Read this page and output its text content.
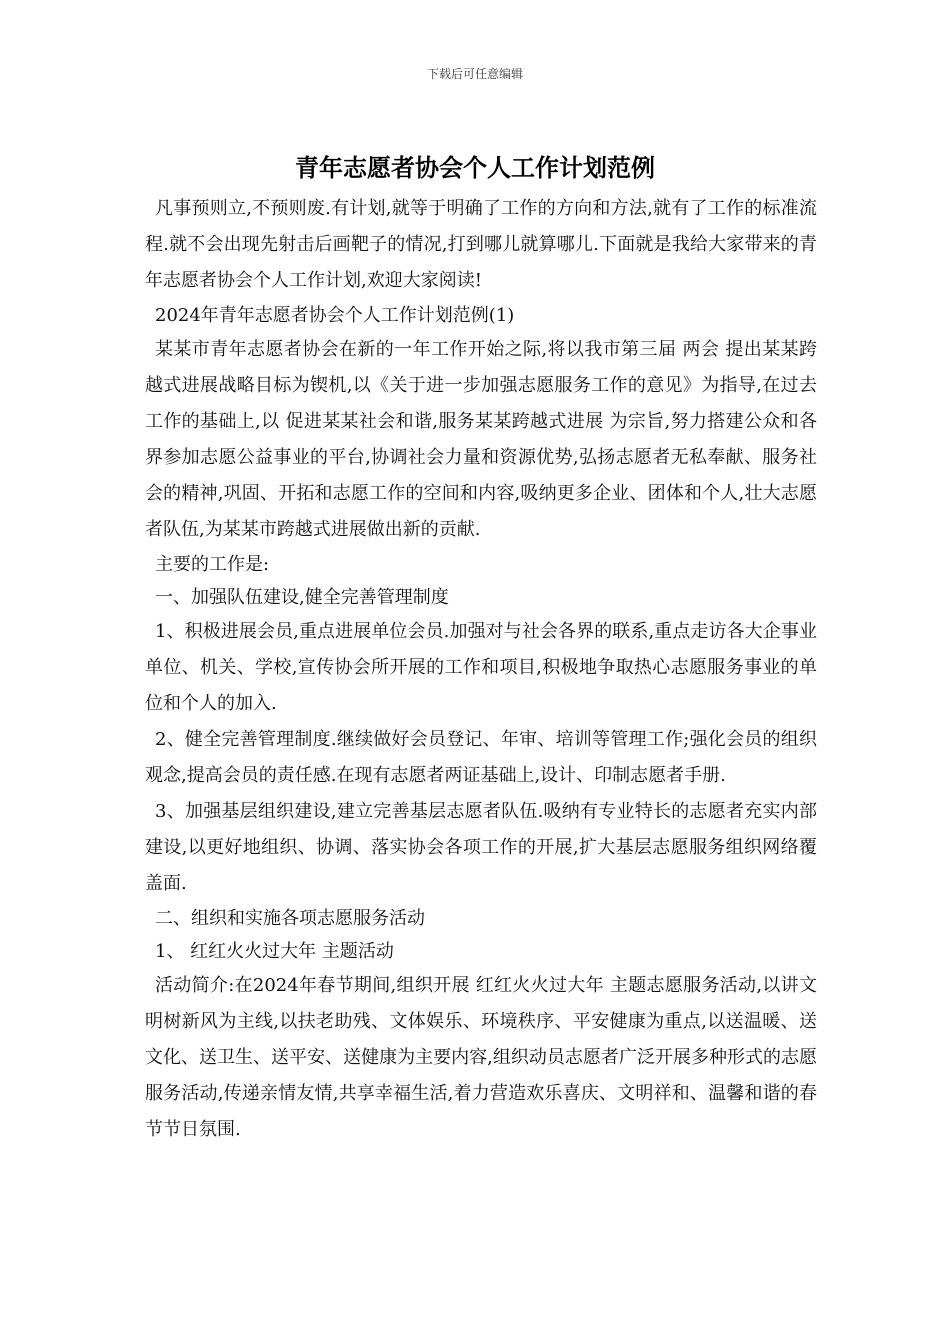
下载后可任意编辑
青年志愿者协会个人工作计划范例

凡事预则立,不预则废.有计划,就等于明确了工作的方向和方法,就有了工作的标准流程.就不会出现先射击后画靶子的情况,打到哪儿就算哪儿.下面就是我给大家带来的青年志愿者协会个人工作计划,欢迎大家阅读!

2024年青年志愿者协会个人工作计划范例(1)

某某市青年志愿者协会在新的一年工作开始之际,将以我市第三届 两会 提出某某跨越式进展战略目标为锲机,以《关于进一步加强志愿服务工作的意见》为指导,在过去工作的基础上,以 促进某某社会和谐,服务某某跨越式进展 为宗旨,努力搭建公众和各界参加志愿公益事业的平台,协调社会力量和资源优势,弘扬志愿者无私奉献、服务社会的精神,巩固、开拓和志愿工作的空间和内容,吸纳更多企业、团体和个人,壮大志愿者队伍,为某某市跨越式进展做出新的贡献.

主要的工作是:

一、加强队伍建设,健全完善管理制度

1、积极进展会员,重点进展单位会员.加强对与社会各界的联系,重点走访各大企事业单位、机关、学校,宣传协会所开展的工作和项目,积极地争取热心志愿服务事业的单位和个人的加入.

2、健全完善管理制度.继续做好会员登记、年审、培训等管理工作;强化会员的组织观念,提高会员的责任感.在现有志愿者两证基础上,设计、印制志愿者手册.

3、加强基层组织建设,建立完善基层志愿者队伍.吸纳有专业特长的志愿者充实内部建设,以更好地组织、协调、落实协会各项工作的开展,扩大基层志愿服务组织网络覆盖面.

二、组织和实施各项志愿服务活动

1、 红红火火过大年 主题活动

活动简介:在2024年春节期间,组织开展 红红火火过大年 主题志愿服务活动,以讲文明树新风为主线,以扶老助残、文体娱乐、环境秩序、平安健康为重点,以送温暖、送文化、送卫生、送平安、送健康为主要内容,组织动员志愿者广泛开展多种形式的志愿服务活动,传递亲情友情,共享幸福生活,着力营造欢乐喜庆、文明祥和、温馨和谐的春节节日氛围.
